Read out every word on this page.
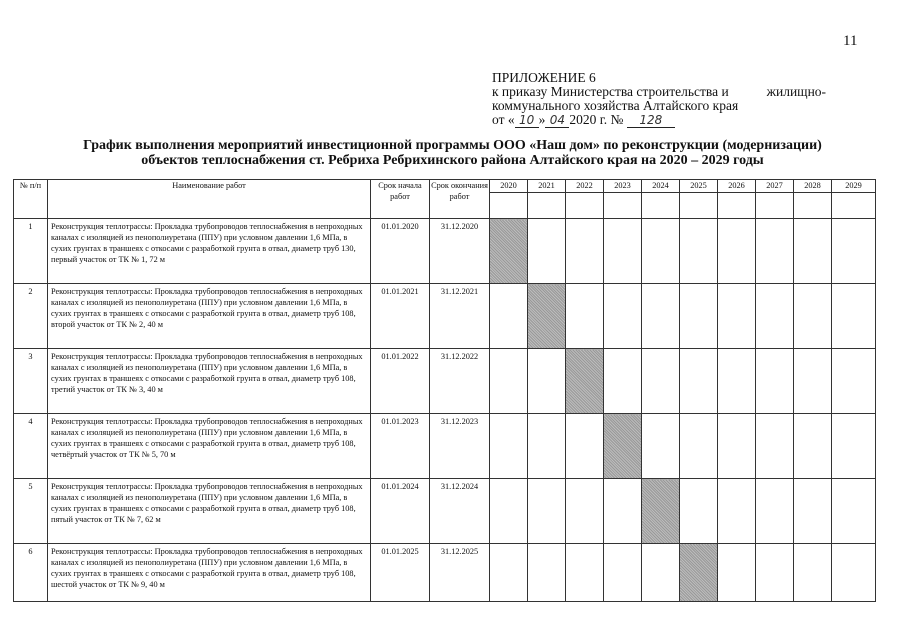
11
ПРИЛОЖЕНИЕ 6
к приказу Министерства строительства и	жилищно-
коммунального хозяйства Алтайского края
от « 10 » 04 2020 г. № 128
График выполнения мероприятий инвестиционной программы ООО «Наш дом» по реконструкции (модернизации)
объектов теплоснабжения ст. Ребриха Ребрихинского района Алтайского края на 2020 – 2029 годы
№ п/п	Наименование работ	Срок начала работ	Срок окончания работ	2020	2021	2022	2023	2024	2025	2026	2027	2028	2029

1	Реконструкция теплотрассы: Прокладка трубопроводов теплоснабжения в непроходных каналах с изоляцией из пенополиуретана (ППУ) при условном давлении 1,6 МПа, в сухих грунтах в траншеях с откосами с разработкой грунта в отвал, диаметр труб 130, первый участок от ТК № 1, 72 м	01.01.2020	31.12.2020										
2	Реконструкция теплотрассы: Прокладка трубопроводов теплоснабжения в непроходных каналах с изоляцией из пенополиуретана (ППУ) при условном давлении 1,6 МПа, в сухих грунтах в траншеях с откосами с разработкой грунта в отвал, диаметр труб 108, второй участок от ТК № 2, 40 м	01.01.2021	31.12.2021										
3	Реконструкция теплотрассы: Прокладка трубопроводов теплоснабжения в непроходных каналах с изоляцией из пенополиуретана (ППУ) при условном давлении 1,6 МПа, в сухих грунтах в траншеях с откосами с разработкой грунта в отвал, диаметр труб 108, третий участок от ТК № 3, 40 м	01.01.2022	31.12.2022										
4	Реконструкция теплотрассы: Прокладка трубопроводов теплоснабжения в непроходных каналах с изоляцией из пенополиуретана (ППУ) при условном давлении 1,6 МПа, в сухих грунтах в траншеях с откосами с разработкой грунта в отвал, диаметр труб 108, четвёртый участок от ТК № 5, 70 м	01.01.2023	31.12.2023										
5	Реконструкция теплотрассы: Прокладка трубопроводов теплоснабжения в непроходных каналах с изоляцией из пенополиуретана (ППУ) при условном давлении 1,6 МПа, в сухих грунтах в траншеях с откосами с разработкой грунта в отвал, диаметр труб 108, пятый участок от ТК № 7, 62 м	01.01.2024	31.12.2024										
6	Реконструкция теплотрассы: Прокладка трубопроводов теплоснабжения в непроходных каналах с изоляцией из пенополиуретана (ППУ) при условном давлении 1,6 МПа, в сухих грунтах в траншеях с откосами с разработкой грунта в отвал, диаметр труб 108, шестой участок от ТК № 9, 40 м	01.01.2025	31.12.2025										
